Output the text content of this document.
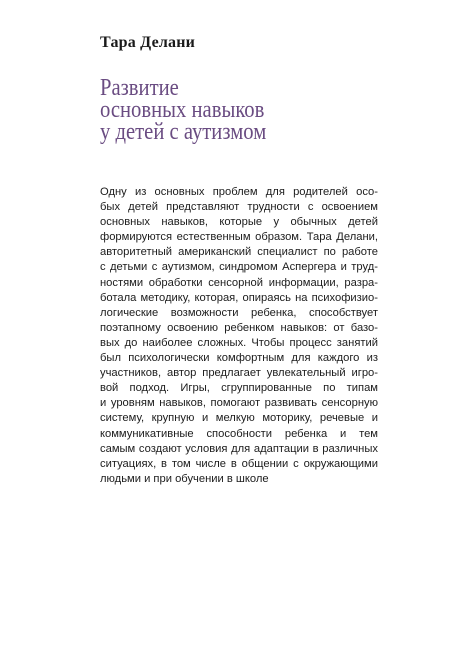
Тара Делани
Развитие
основных навыков
у детей с аутизмом
Одну из основных проблем для родителей осо-
бых детей представляют трудности с освоением
основных навыков, которые у обычных детей
формируются естественным образом. Тара Делани,
авторитетный американский специалист по работе
с детьми с аутизмом, синдромом Аспергера и труд-
ностями обработки сенсорной информации, разра-
ботала методику, которая, опираясь на психофизио-
логические возможности ребенка, способствует
поэтапному освоению ребенком навыков: от базо-
вых до наиболее сложных. Чтобы процесс занятий
был психологически комфортным для каждого из
участников, автор предлагает увлекательный игро-
вой подход. Игры, сгруппированные по типам
и уровням навыков, помогают развивать сенсорную
систему, крупную и мелкую моторику, речевые и
коммуникативные способности ребенка и тем
самым создают условия для адаптации в различных
ситуациях, в том числе в общении с окружающими
людьми и при обучении в школе
